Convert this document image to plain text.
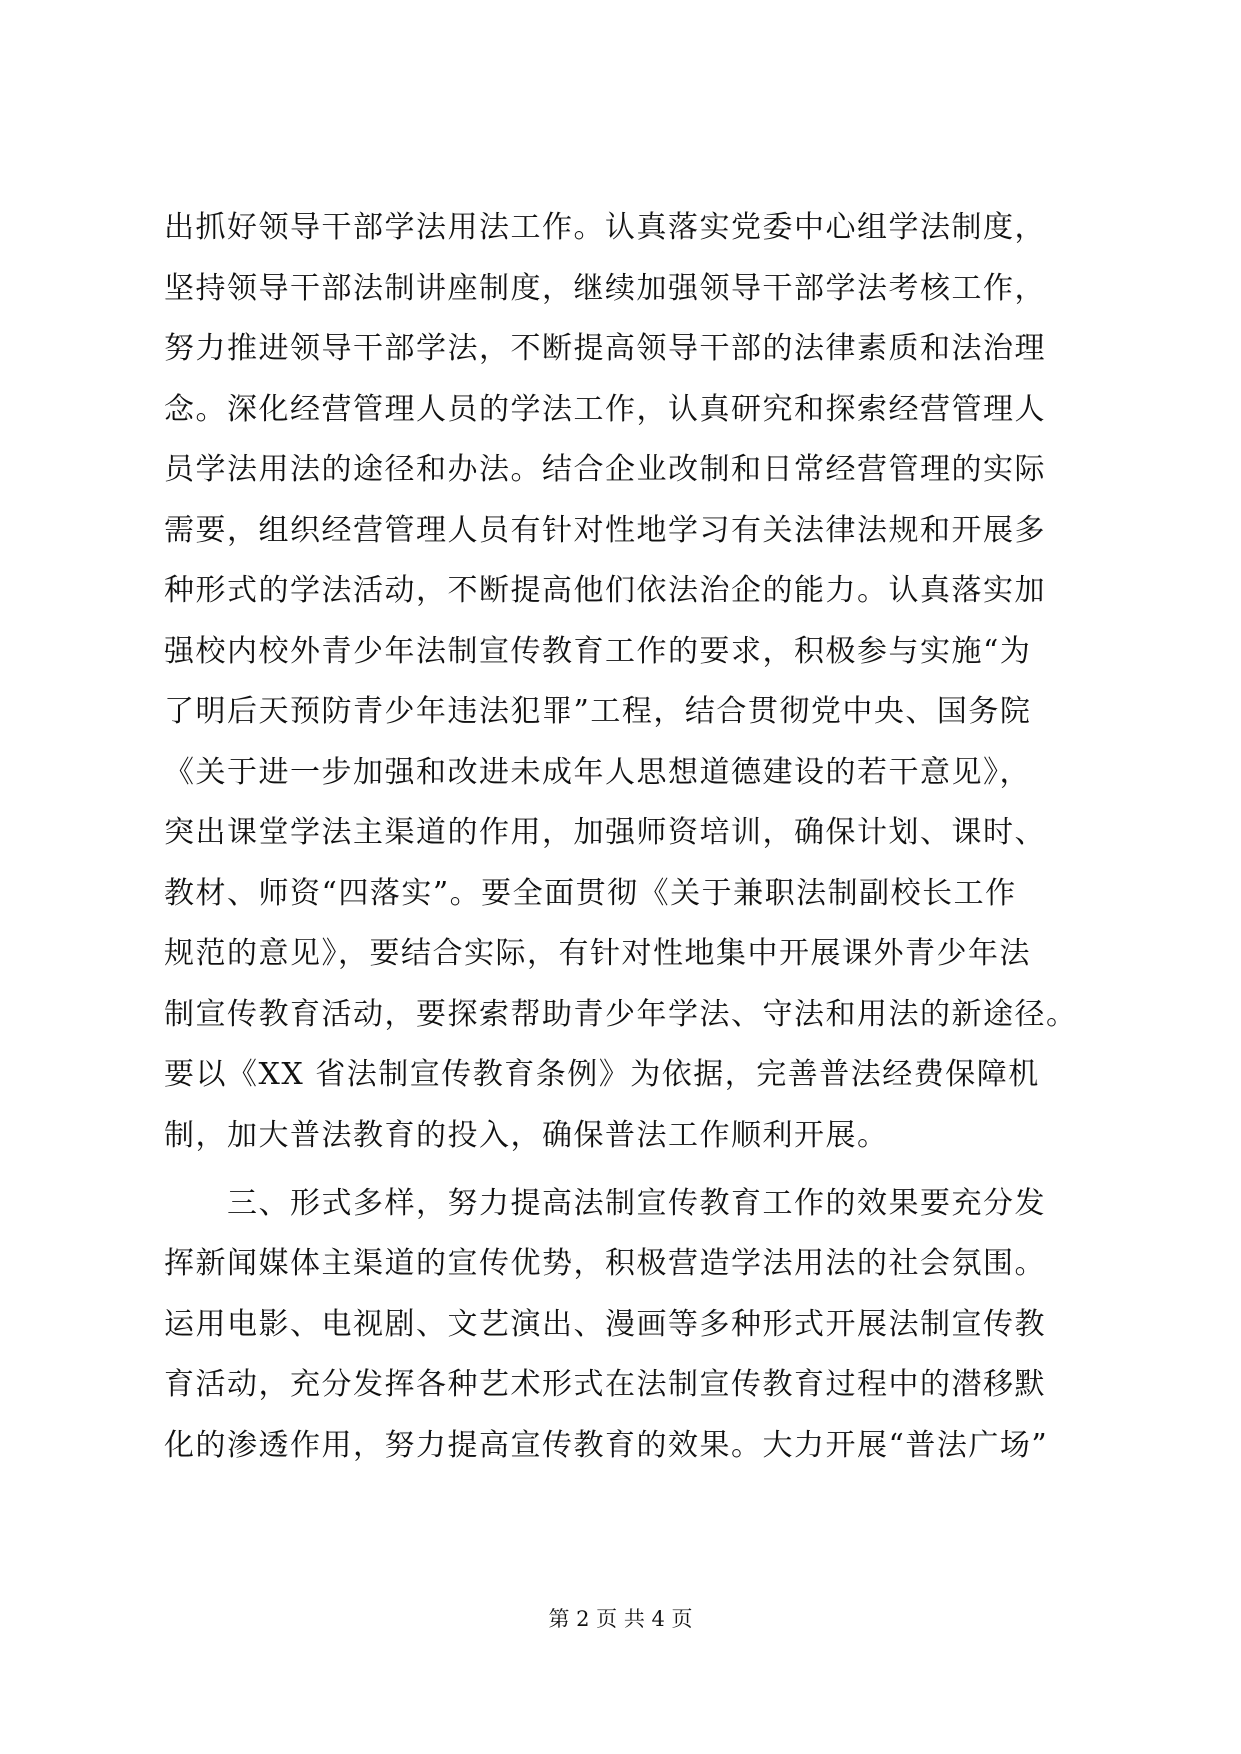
出抓好领导干部学法用法工作。认真落实党委中心组学法制度，
坚持领导干部法制讲座制度，继续加强领导干部学法考核工作，
努力推进领导干部学法，不断提高领导干部的法律素质和法治理
念。深化经营管理人员的学法工作，认真研究和探索经营管理人
员学法用法的途径和办法。结合企业改制和日常经营管理的实际
需要，组织经营管理人员有针对性地学习有关法律法规和开展多
种形式的学法活动，不断提高他们依法治企的能力。认真落实加
强校内校外青少年法制宣传教育工作的要求，积极参与实施“为
了明后天预防青少年违法犯罪”工程，结合贯彻党中央、国务院
《关于进一步加强和改进未成年人思想道德建设的若干意见》，
突出课堂学法主渠道的作用，加强师资培训，确保计划、课时、
教材、师资“四落实”。要全面贯彻《关于兼职法制副校长工作
规范的意见》，要结合实际，有针对性地集中开展课外青少年法
制宣传教育活动，要探索帮助青少年学法、守法和用法的新途径。
要以《XX 省法制宣传教育条例》为依据，完善普法经费保障机
制，加大普法教育的投入，确保普法工作顺利开展。
　　三、形式多样，努力提高法制宣传教育工作的效果要充分发
挥新闻媒体主渠道的宣传优势，积极营造学法用法的社会氛围。
运用电影、电视剧、文艺演出、漫画等多种形式开展法制宣传教
育活动，充分发挥各种艺术形式在法制宣传教育过程中的潜移默
化的渗透作用，努力提高宣传教育的效果。大力开展“普法广场”
第 2 页 共 4 页
